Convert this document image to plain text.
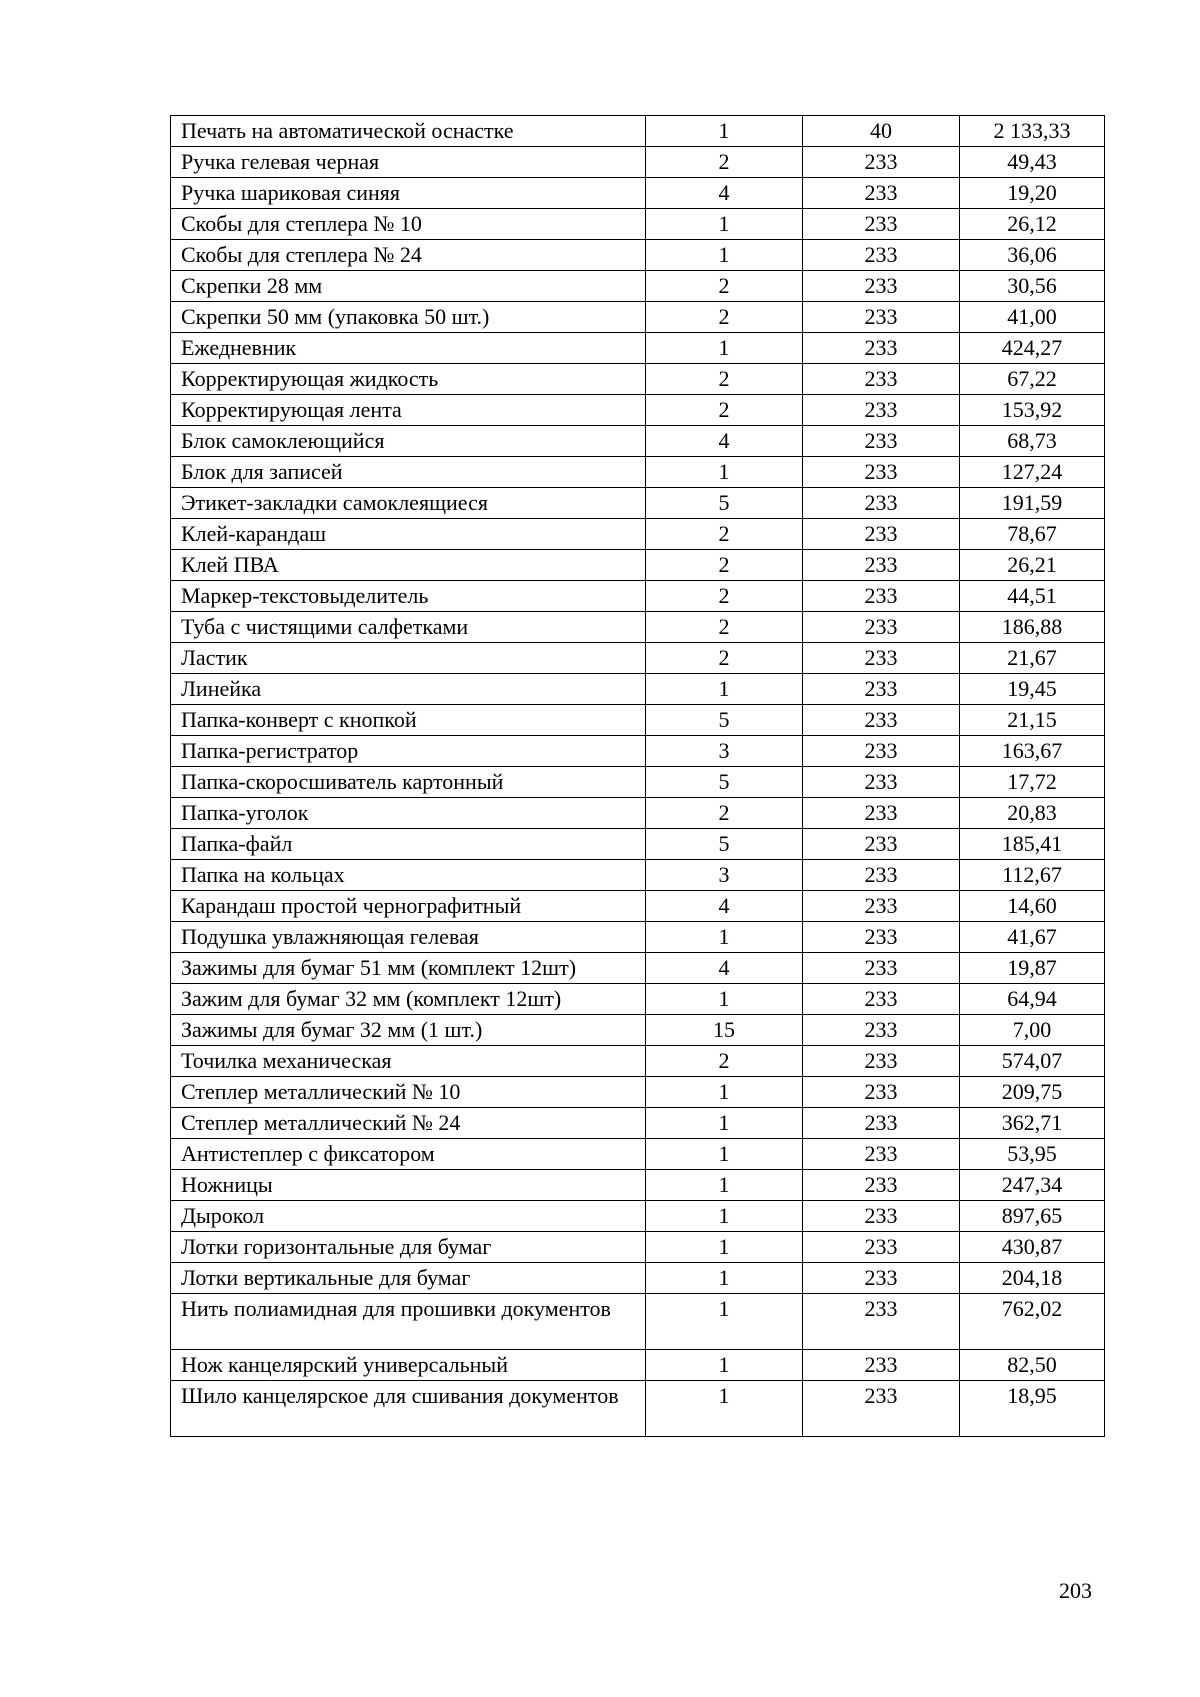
Печать на автоматической оснастке	1	40	2 133,33

Ручка гелевая черная	2	233	49,43

Ручка шариковая синяя	4	233	19,20

Скобы для степлера № 10	1	233	26,12

Скобы для степлера № 24	1	233	36,06

Скрепки 28 мм	2	233	30,56

Скрепки 50 мм (упаковка 50 шт.)	2	233	41,00

Ежедневник	1	233	424,27

Корректирующая жидкость	2	233	67,22

Корректирующая лента	2	233	153,92

Блок самоклеющийся	4	233	68,73

Блок для записей	1	233	127,24

Этикет-закладки самоклеящиеся	5	233	191,59

Клей-карандаш	2	233	78,67

Клей ПВА	2	233	26,21

Маркер-текстовыделитель	2	233	44,51

Туба с чистящими салфетками	2	233	186,88

Ластик	2	233	21,67

Линейка	1	233	19,45

Папка-конверт с кнопкой	5	233	21,15

Папка-регистратор	3	233	163,67

Папка-скоросшиватель картонный	5	233	17,72

Папка-уголок	2	233	20,83

Папка-файл	5	233	185,41

Папка на кольцах	3	233	112,67

Карандаш простой чернографитный	4	233	14,60

Подушка увлажняющая гелевая	1	233	41,67

Зажимы для бумаг 51 мм (комплект 12шт)	4	233	19,87

Зажим для бумаг 32 мм (комплект 12шт)	1	233	64,94

Зажимы для бумаг 32 мм (1 шт.)	15	233	7,00

Точилка механическая	2	233	574,07

Степлер металлический № 10	1	233	209,75

Степлер металлический № 24	1	233	362,71

Антистеплер с фиксатором	1	233	53,95

Ножницы	1	233	247,34

Дырокол	1	233	897,65

Лотки горизонтальные для бумаг	1	233	430,87

Лотки вертикальные для бумаг	1	233	204,18

Нить полиамидная для прошивки документов	1	233	762,02

Нож канцелярский универсальный	1	233	82,50

Шило канцелярское для сшивания документов	1	233	18,95
203
